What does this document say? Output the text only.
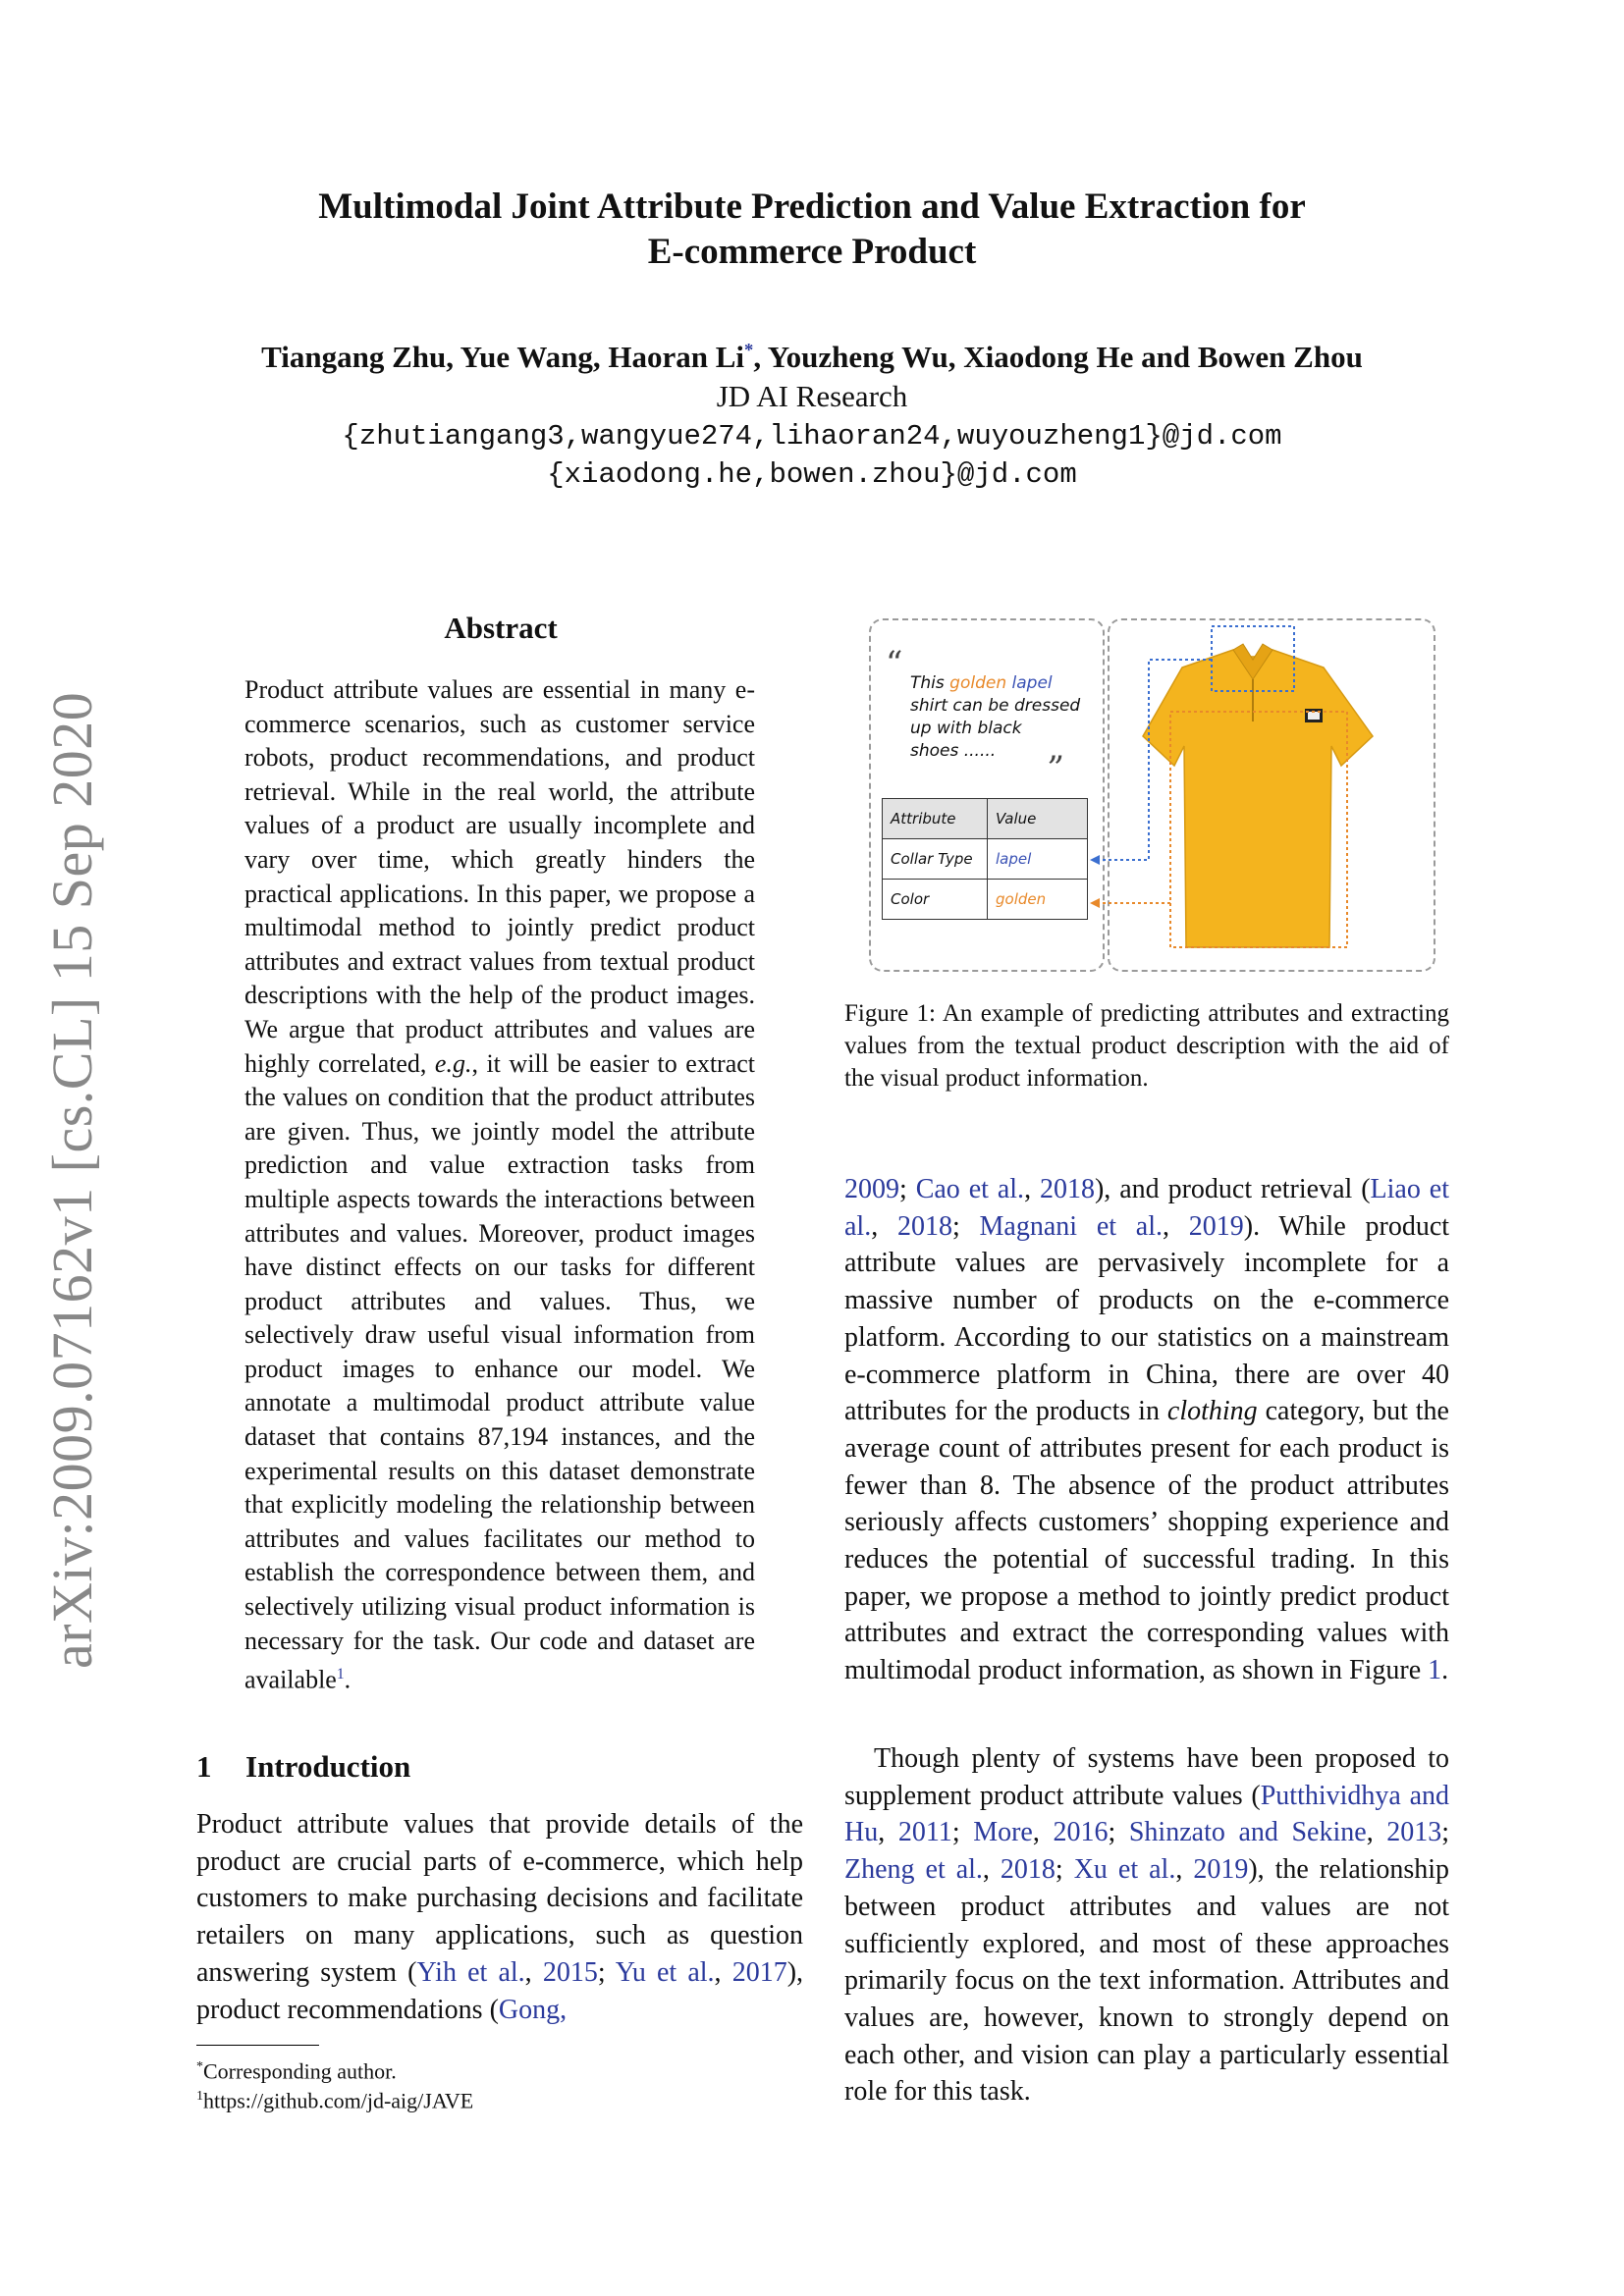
Multimodal Joint Attribute Prediction and Value Extraction for
E-commerce Product
Tiangang Zhu, Yue Wang, Haoran Li*, Youzheng Wu, Xiaodong He and Bowen Zhou
JD AI Research
{zhutiangang3,wangyue274,lihaoran24,wuyouzheng1}@jd.com
{xiaodong.he,bowen.zhou}@jd.com
arXiv:2009.07162v1 [cs.CL] 15 Sep 2020
Abstract
Product attribute values are essential in many e-commerce scenarios, such as customer service robots, product recommendations, and product retrieval. While in the real world, the attribute values of a product are usually incomplete and vary over time, which greatly hinders the practical applications. In this paper, we propose a multimodal method to jointly predict product attributes and extract values from textual product descriptions with the help of the product images. We argue that product attributes and values are highly correlated, e.g., it will be easier to extract the values on condition that the product attributes are given. Thus, we jointly model the attribute prediction and value extraction tasks from multiple aspects towards the interactions between attributes and values. Moreover, product images have distinct effects on our tasks for different product attributes and values. Thus, we selectively draw useful visual information from product images to enhance our model. We annotate a multimodal product attribute value dataset that contains 87,194 instances, and the experimental results on this dataset demonstrate that explicitly modeling the relationship between attributes and values facilitates our method to establish the correspondence between them, and selectively utilizing visual product information is necessary for the task. Our code and dataset are available$^1$.
1 Introduction
Product attribute values that provide details of the product are crucial parts of e-commerce, which help customers to make purchasing decisions and facilitate retailers on many applications, such as question answering system (Yih et al., 2015; Yu et al., 2017), product recommendations (Gong,
*Corresponding author.
$^1$https://github.com/jd-aig/JAVE
“ This golden lapel
shirt can be dressed
up with black
shoes ......	„
Attribute	Value
Collar Type	lapel
Color	golden
Figure 1: An example of predicting attributes and extracting values from the textual product description with the aid of the visual product information.
2009; Cao et al., 2018), and product retrieval (Liao et al., 2018; Magnani et al., 2019). While product attribute values are pervasively incomplete for a massive number of products on the e-commerce platform. According to our statistics on a mainstream e-commerce platform in China, there are over 40 attributes for the products in clothing category, but the average count of attributes present for each product is fewer than 8. The absence of the product attributes seriously affects customers’ shopping experience and reduces the potential of successful trading. In this paper, we propose a method to jointly predict product attributes and extract the corresponding values with multimodal product information, as shown in Figure 1.
Though plenty of systems have been proposed to supplement product attribute values (Putthividhya and Hu, 2011; More, 2016; Shinzato and Sekine, 2013; Zheng et al., 2018; Xu et al., 2019), the relationship between product attributes and values are not sufficiently explored, and most of these approaches primarily focus on the text information. Attributes and values are, however, known to strongly depend on each other, and vision can play a particularly essential role for this task.
